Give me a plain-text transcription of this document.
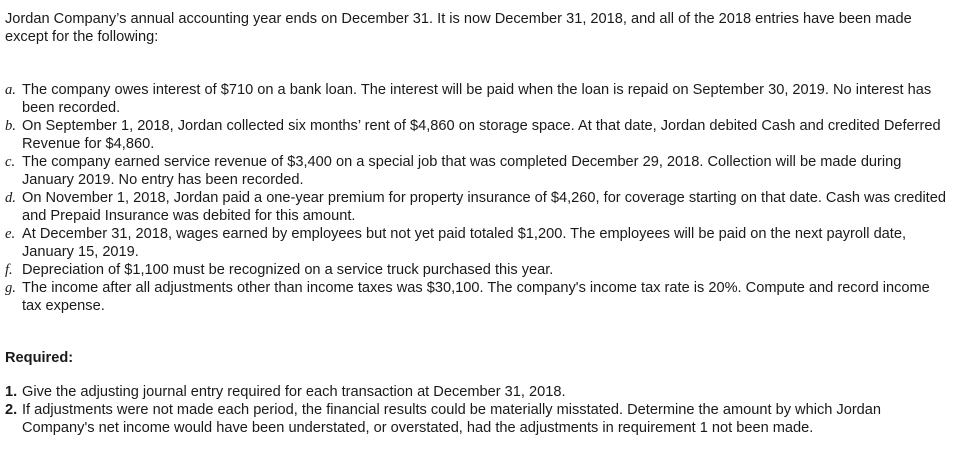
Jordan Company’s annual accounting year ends on December 31. It is now December 31, 2018, and all of the 2018 entries have been made except for the following:

a. The company owes interest of $710 on a bank loan. The interest will be paid when the loan is repaid on September 30, 2019. No interest has been recorded.
b. On September 1, 2018, Jordan collected six months’ rent of $4,860 on storage space. At that date, Jordan debited Cash and credited Deferred Revenue for $4,860.
c. The company earned service revenue of $3,400 on a special job that was completed December 29, 2018. Collection will be made during January 2019. No entry has been recorded.
d. On November 1, 2018, Jordan paid a one-year premium for property insurance of $4,260, for coverage starting on that date. Cash was credited and Prepaid Insurance was debited for this amount.
e. At December 31, 2018, wages earned by employees but not yet paid totaled $1,200. The employees will be paid on the next payroll date, January 15, 2019.
f. Depreciation of $1,100 must be recognized on a service truck purchased this year.
g. The income after all adjustments other than income taxes was $30,100. The company's income tax rate is 20%. Compute and record income tax expense.

Required:

1. Give the adjusting journal entry required for each transaction at December 31, 2018.
2. If adjustments were not made each period, the financial results could be materially misstated. Determine the amount by which Jordan Company's net income would have been understated, or overstated, had the adjustments in requirement 1 not been made.
